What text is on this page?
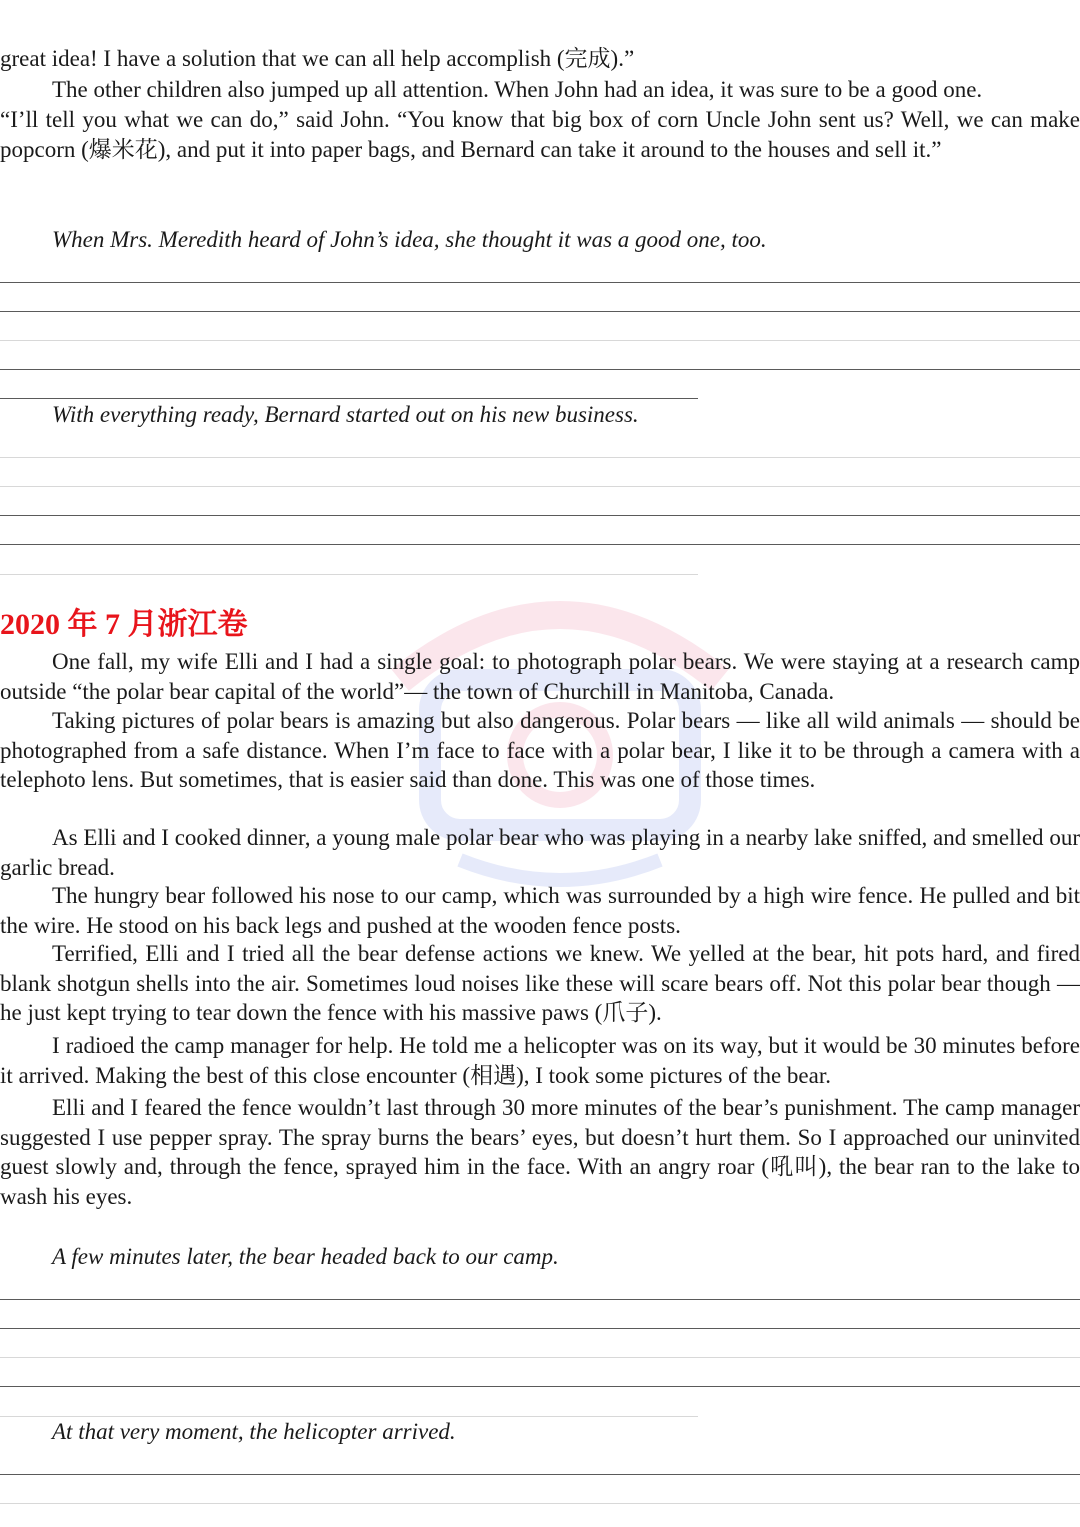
great idea! I have a solution that we can all help accomplish (完成).”

The other children also jumped up all attention. When John had an idea, it was sure to be a good one.

“I’ll tell you what we can do,” said John. “You know that big box of corn Uncle John sent us? Well, we can make popcorn (爆米花), and put it into paper bags, and Bernard can take it around to the houses and sell it.”

When Mrs. Meredith heard of John’s idea, she thought it was a good one, too.

With everything ready, Bernard started out on his new business.

2020 年 7 月浙江卷

One fall, my wife Elli and I had a single goal: to photograph polar bears. We were staying at a research camp outside “the polar bear capital of the world”— the town of Churchill in Manitoba, Canada.

Taking pictures of polar bears is amazing but also dangerous. Polar bears — like all wild animals — should be photographed from a safe distance. When I’m face to face with a polar bear, I like it to be through a camera with a telephoto lens. But sometimes, that is easier said than done. This was one of those times.

As Elli and I cooked dinner, a young male polar bear who was playing in a nearby lake sniffed, and smelled our garlic bread.

The hungry bear followed his nose to our camp, which was surrounded by a high wire fence. He pulled and bit the wire. He stood on his back legs and pushed at the wooden fence posts.

Terrified, Elli and I tried all the bear defense actions we knew. We yelled at the bear, hit pots hard, and fired blank shotgun shells into the air. Sometimes loud noises like these will scare bears off. Not this polar bear though — he just kept trying to tear down the fence with his massive paws (爪子).

I radioed the camp manager for help. He told me a helicopter was on its way, but it would be 30 minutes before it arrived. Making the best of this close encounter (相遇), I took some pictures of the bear.

Elli and I feared the fence wouldn’t last through 30 more minutes of the bear’s punishment. The camp manager suggested I use pepper spray. The spray burns the bears’ eyes, but doesn’t hurt them. So I approached our uninvited guest slowly and, through the fence, sprayed him in the face. With an angry roar (吼叫), the bear ran to the lake to wash his eyes.

A few minutes later, the bear headed back to our camp.

At that very moment, the helicopter arrived.
